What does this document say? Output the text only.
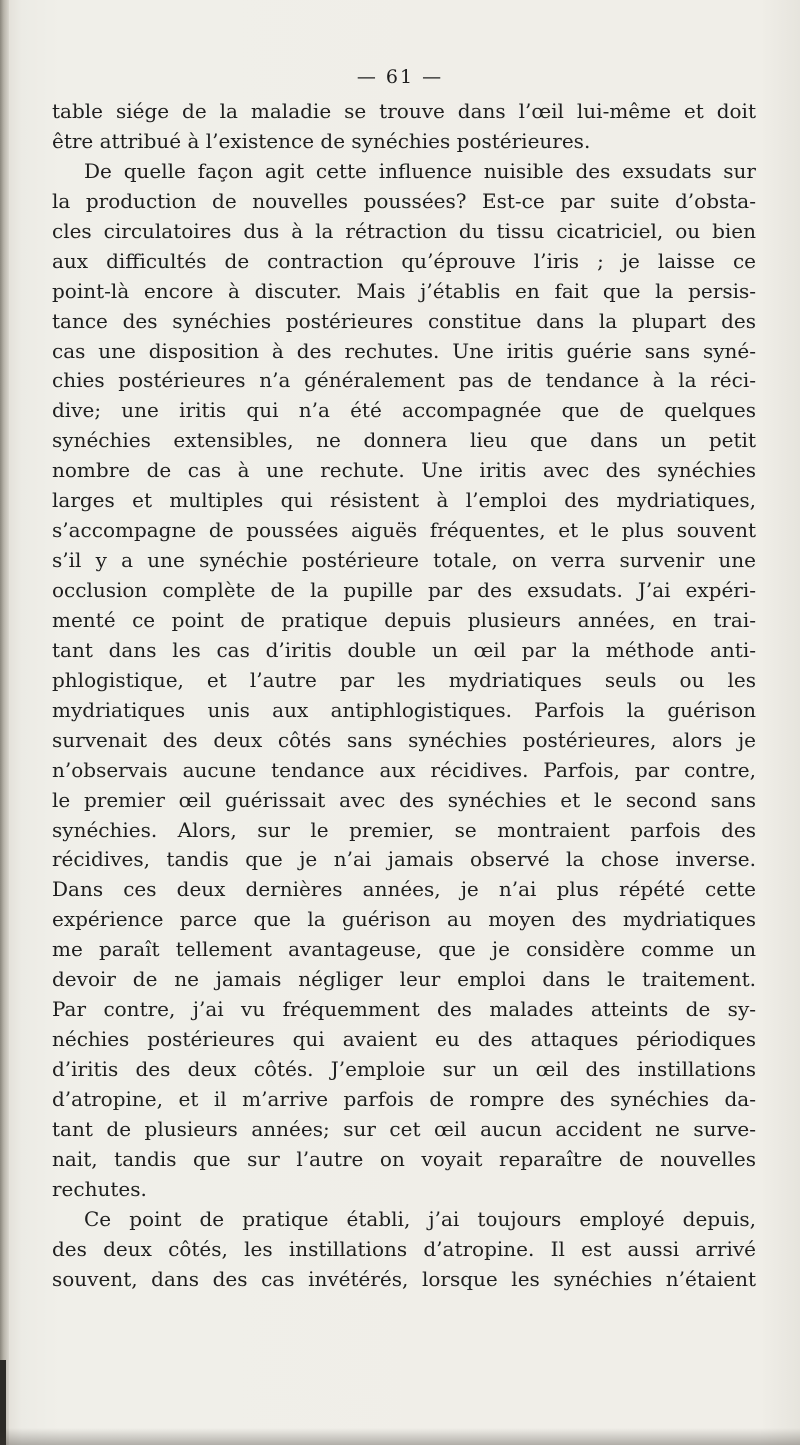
— 61 —
table siége de la maladie se trouve dans l’œil lui-même et doit
être attribué à l’existence de synéchies postérieures.
De quelle façon agit cette influence nuisible des exsudats sur
la production de nouvelles poussées? Est-ce par suite d’obsta-
cles circulatoires dus à la rétraction du tissu cicatriciel, ou bien
aux difficultés de contraction qu’éprouve l’iris ; je laisse ce
point-là encore à discuter. Mais j’établis en fait que la persis-
tance des synéchies postérieures constitue dans la plupart des
cas une disposition à des rechutes. Une iritis guérie sans syné-
chies postérieures n’a généralement pas de tendance à la réci-
dive; une iritis qui n’a été accompagnée que de quelques
synéchies extensibles, ne donnera lieu que dans un petit
nombre de cas à une rechute. Une iritis avec des synéchies
larges et multiples qui résistent à l’emploi des mydriatiques,
s’accompagne de poussées aiguës fréquentes, et le plus souvent
s’il y a une synéchie postérieure totale, on verra survenir une
occlusion complète de la pupille par des exsudats. J’ai expéri-
menté ce point de pratique depuis plusieurs années, en trai-
tant dans les cas d’iritis double un œil par la méthode anti-
phlogistique, et l’autre par les mydriatiques seuls ou les
mydriatiques unis aux antiphlogistiques. Parfois la guérison
survenait des deux côtés sans synéchies postérieures, alors je
n’observais aucune tendance aux récidives. Parfois, par contre,
le premier œil guérissait avec des synéchies et le second sans
synéchies. Alors, sur le premier, se montraient parfois des
récidives, tandis que je n’ai jamais observé la chose inverse.
Dans ces deux dernières années, je n’ai plus répété cette
expérience parce que la guérison au moyen des mydriatiques
me paraît tellement avantageuse, que je considère comme un
devoir de ne jamais négliger leur emploi dans le traitement.
Par contre, j’ai vu fréquemment des malades atteints de sy-
néchies postérieures qui avaient eu des attaques périodiques
d’iritis des deux côtés. J’emploie sur un œil des instillations
d’atropine, et il m’arrive parfois de rompre des synéchies da-
tant de plusieurs années; sur cet œil aucun accident ne surve-
nait, tandis que sur l’autre on voyait reparaître de nouvelles
rechutes.
Ce point de pratique établi, j’ai toujours employé depuis,
des deux côtés, les instillations d’atropine. Il est aussi arrivé
souvent, dans des cas invétérés, lorsque les synéchies n’étaient
